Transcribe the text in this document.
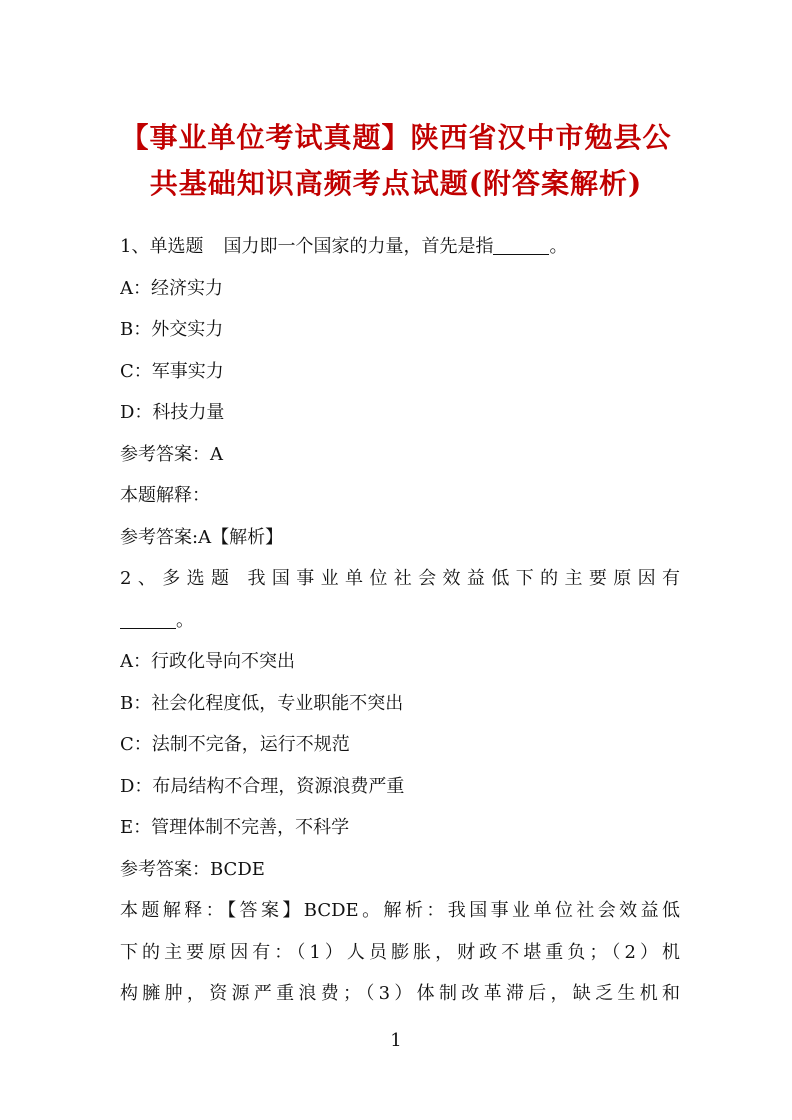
【事业单位考试真题】陕西省汉中市勉县公
共基础知识高频考点试题(附答案解析)
1、单选题 国力即一个国家的力量，首先是指	。
A：经济实力
B：外交实力
C：军事实力
D：科技力量
参考答案：A
本题解释：
参考答案:A【解析】
2、多选题 我国事业单位社会效益低下的主要原因有
。
A：行政化导向不突出
B：社会化程度低，专业职能不突出
C：法制不完备，运行不规范
D：布局结构不合理，资源浪费严重
E：管理体制不完善，不科学
参考答案：BCDE
本题解释：【答案】BCDE。解析：我国事业单位社会效益低
下的主要原因有：（1）人员膨胀，财政不堪重负；（2）机
构臃肿，资源严重浪费；（3）体制改革滞后，缺乏生机和
1
